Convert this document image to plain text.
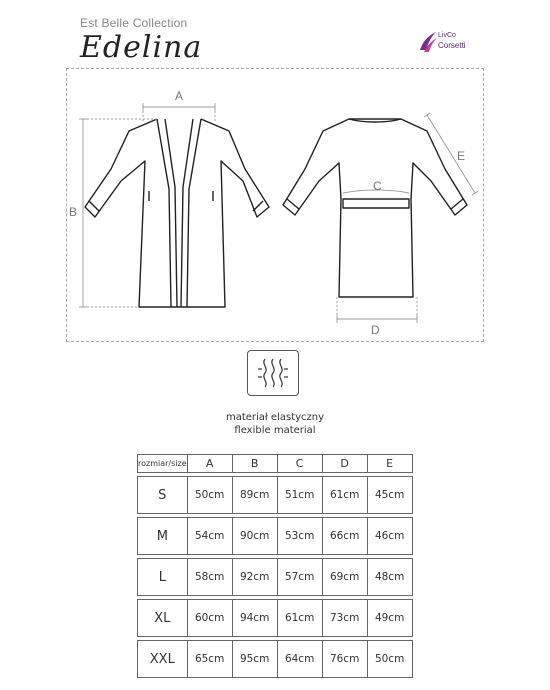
Est Belle Collection
Edelina	LivCo
Corsetti
A
B
C
D
E
materiał elastyczny
flexible material
rozmiar/size	A	B	C	D	E

S	50cm	89cm	51cm	61cm	45cm

M	54cm	90cm	53cm	66cm	46cm

L	58cm	92cm	57cm	69cm	48cm

XL	60cm	94cm	61cm	73cm	49cm

XXL	65cm	95cm	64cm	76cm	50cm
